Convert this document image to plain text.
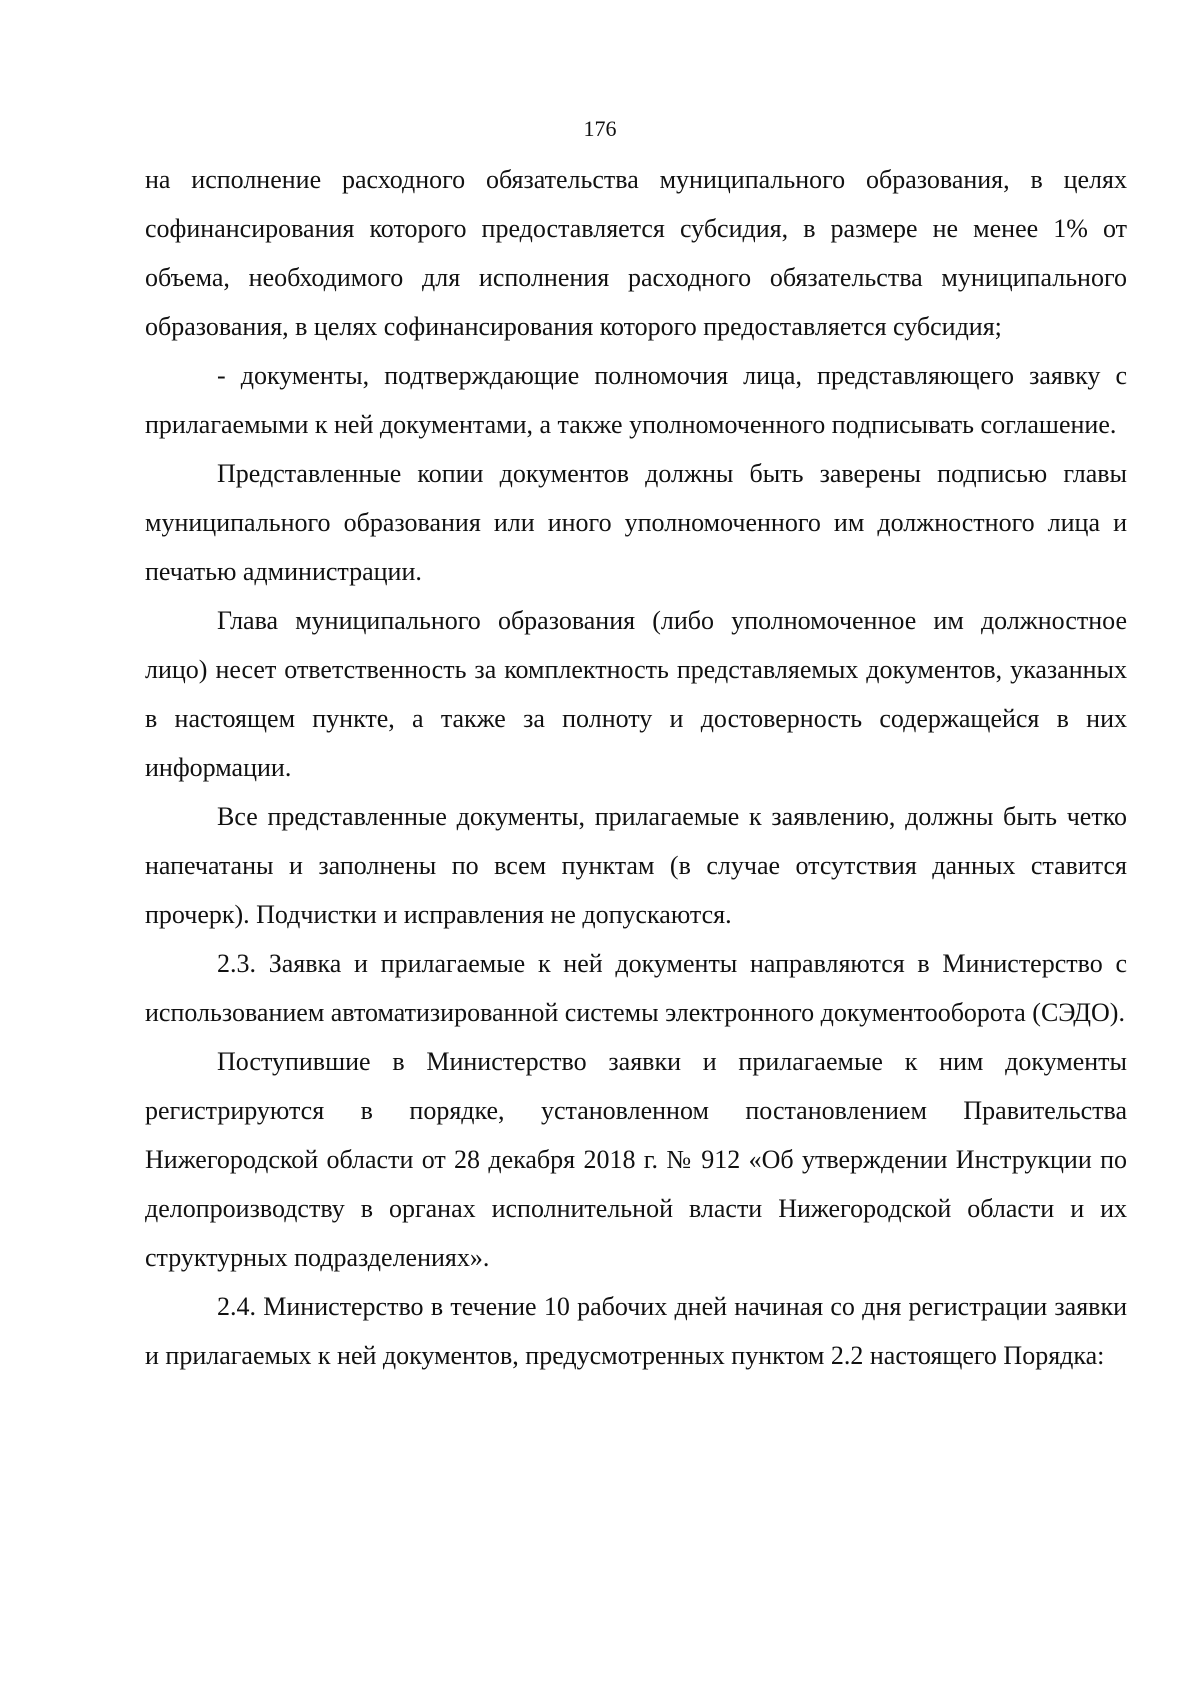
176

на исполнение расходного обязательства муниципального образования, в целях софинансирования которого предоставляется субсидия, в размере не менее 1% от объема, необходимого для исполнения расходного обязательства муниципального образования, в целях софинансирования которого предоставляется субсидия;

- документы, подтверждающие полномочия лица, представляющего заявку с прилагаемыми к ней документами, а также уполномоченного подписывать соглашение.

Представленные копии документов должны быть заверены подписью главы муниципального образования или иного уполномоченного им должностного лица и печатью администрации.

Глава муниципального образования (либо уполномоченное им должностное лицо) несет ответственность за комплектность представляемых документов, указанных в настоящем пункте, а также за полноту и достоверность содержащейся в них информации.

Все представленные документы, прилагаемые к заявлению, должны быть четко напечатаны и заполнены по всем пунктам (в случае отсутствия данных ставится прочерк). Подчистки и исправления не допускаются.

2.3. Заявка и прилагаемые к ней документы направляются в Министерство с использованием автоматизированной системы электронного документооборота (СЭДО).

Поступившие в Министерство заявки и прилагаемые к ним документы регистрируются в порядке, установленном постановлением Правительства Нижегородской области от 28 декабря 2018 г. № 912 «Об утверждении Инструкции по делопроизводству в органах исполнительной власти Нижегородской области и их структурных подразделениях».

2.4. Министерство в течение 10 рабочих дней начиная со дня регистрации заявки и прилагаемых к ней документов, предусмотренных пунктом 2.2 настоящего Порядка:
